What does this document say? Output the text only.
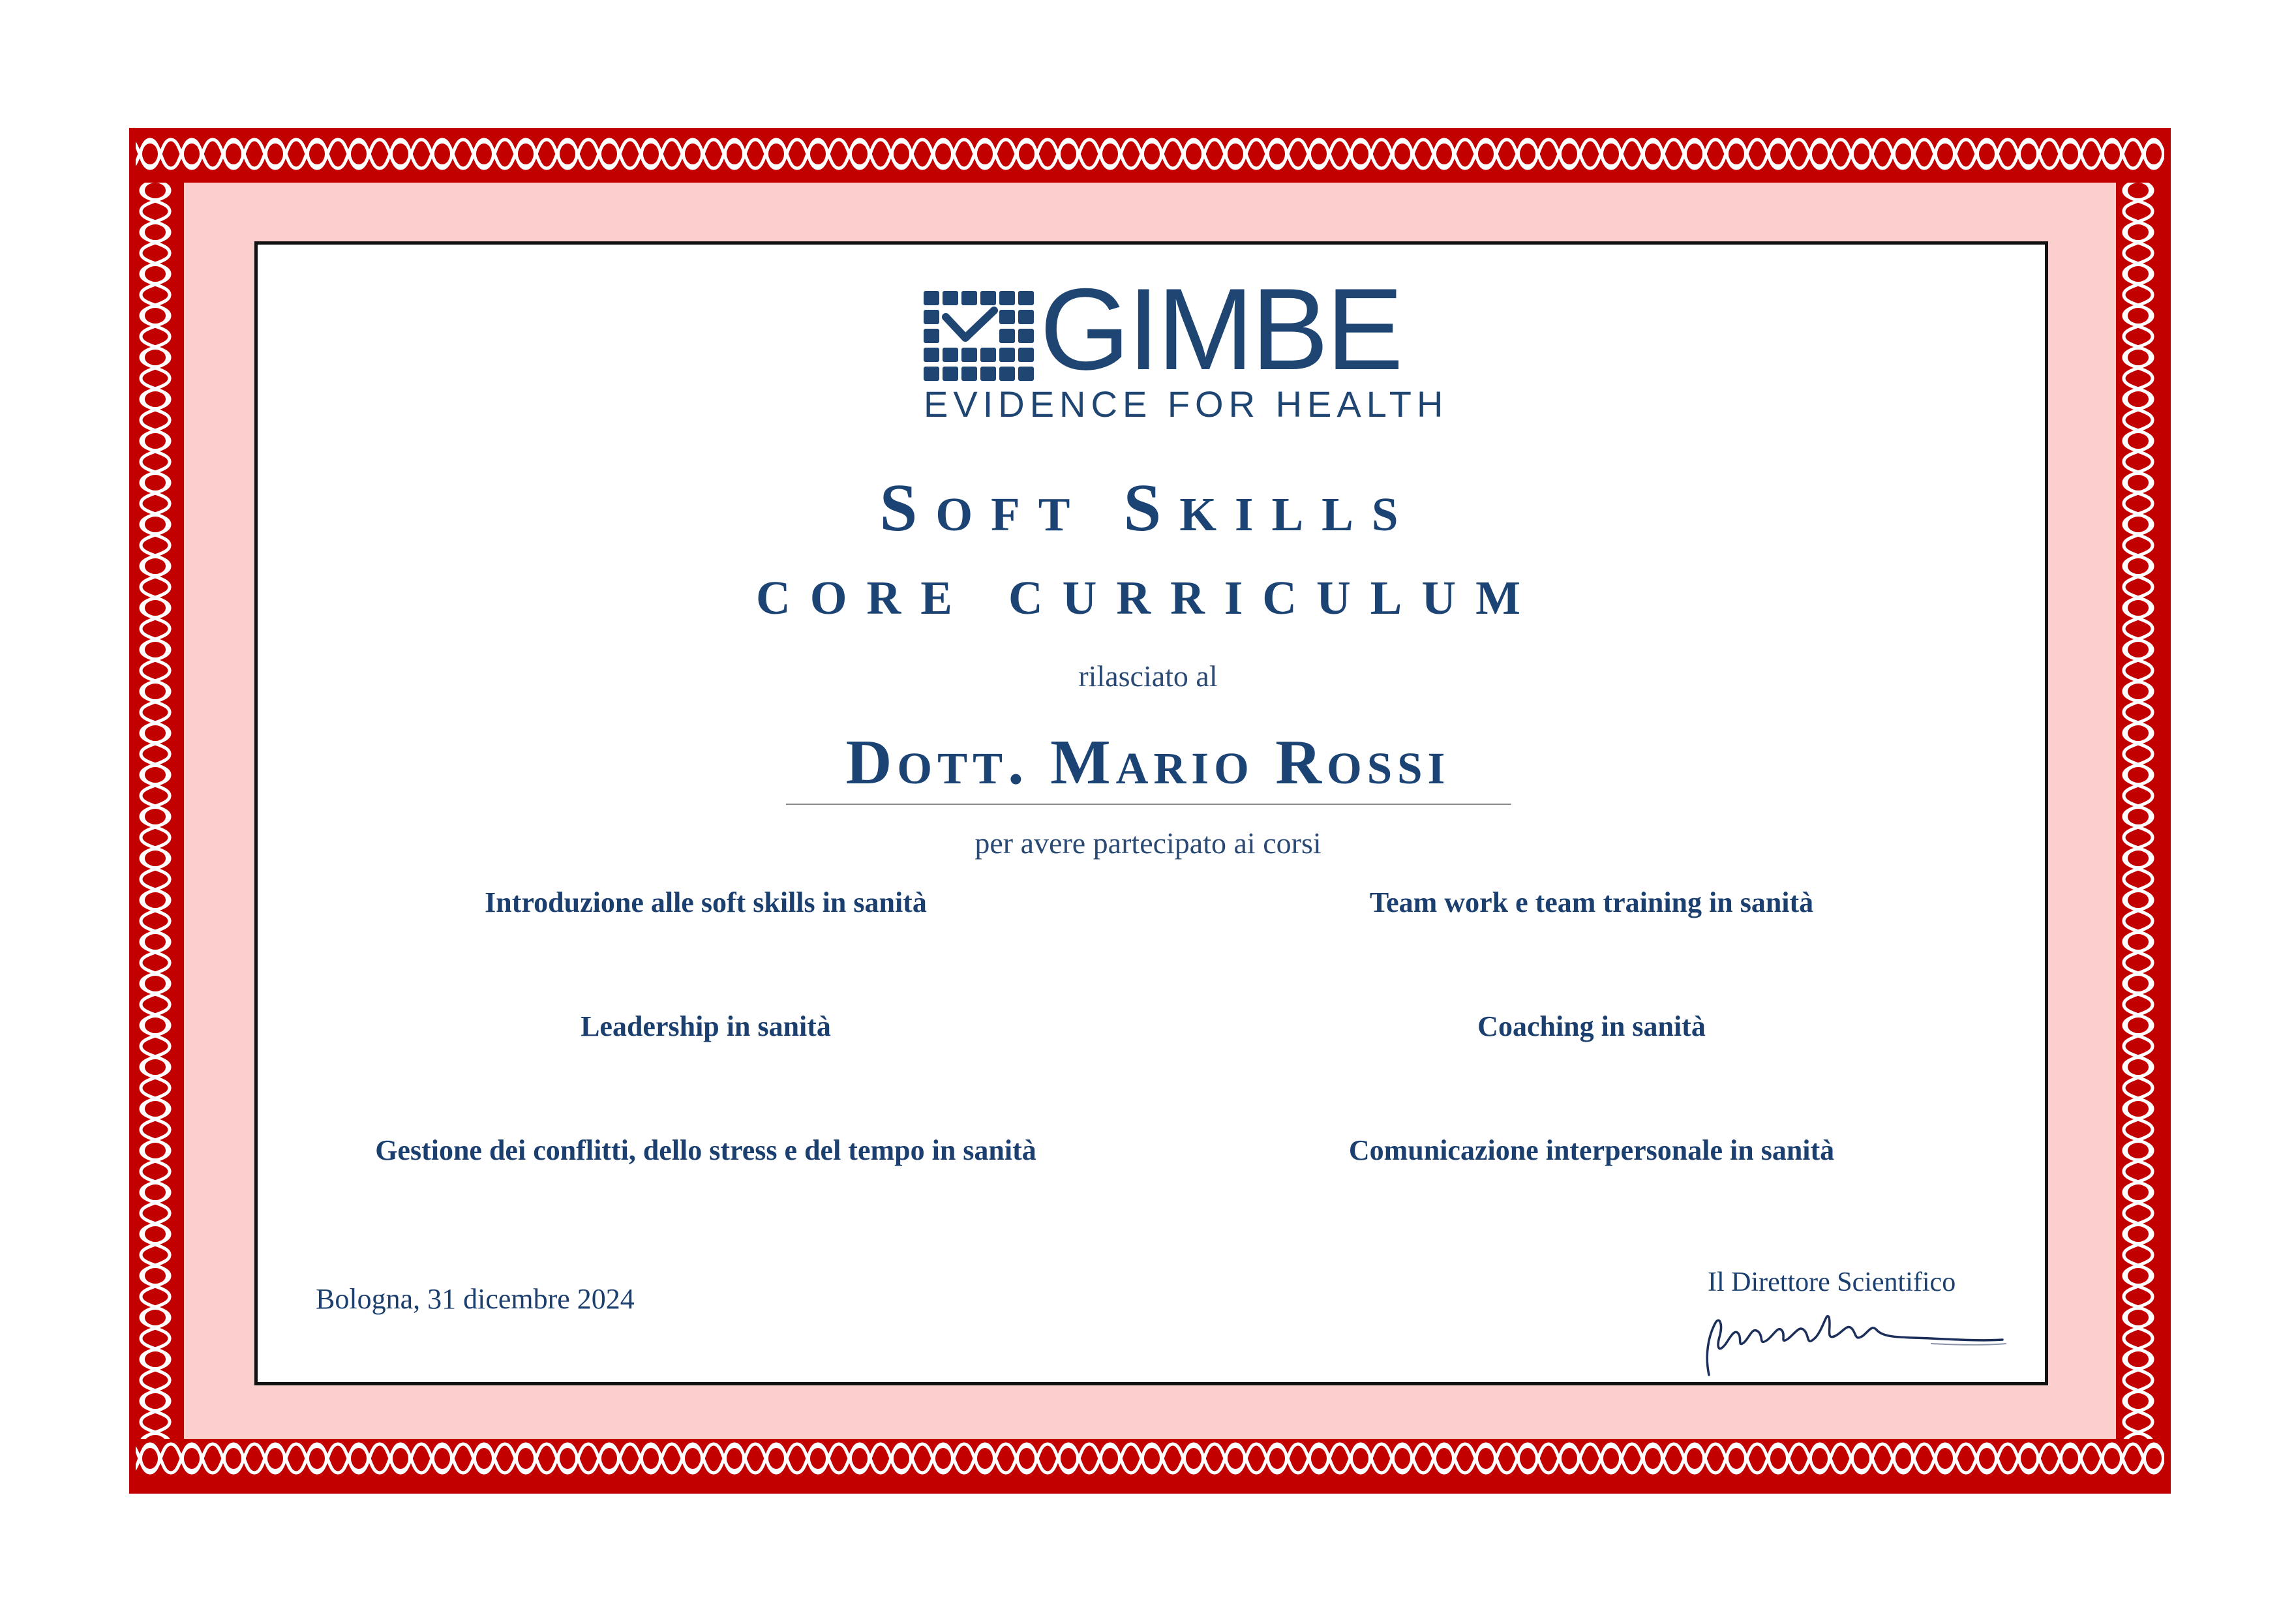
GIMBE
EVIDENCE FOR HEALTH
Soft Skills
core curriculum
rilasciato al
Dott. Mario Rossi
per avere partecipato ai corsi
Introduzione alle soft skills in sanità	Team work e team training in sanità
Leadership in sanità	Coaching in sanità
Gestione dei conflitti, dello stress e del tempo in sanità	Comunicazione interpersonale in sanità
Bologna, 31 dicembre 2024
Il Direttore Scientifico
